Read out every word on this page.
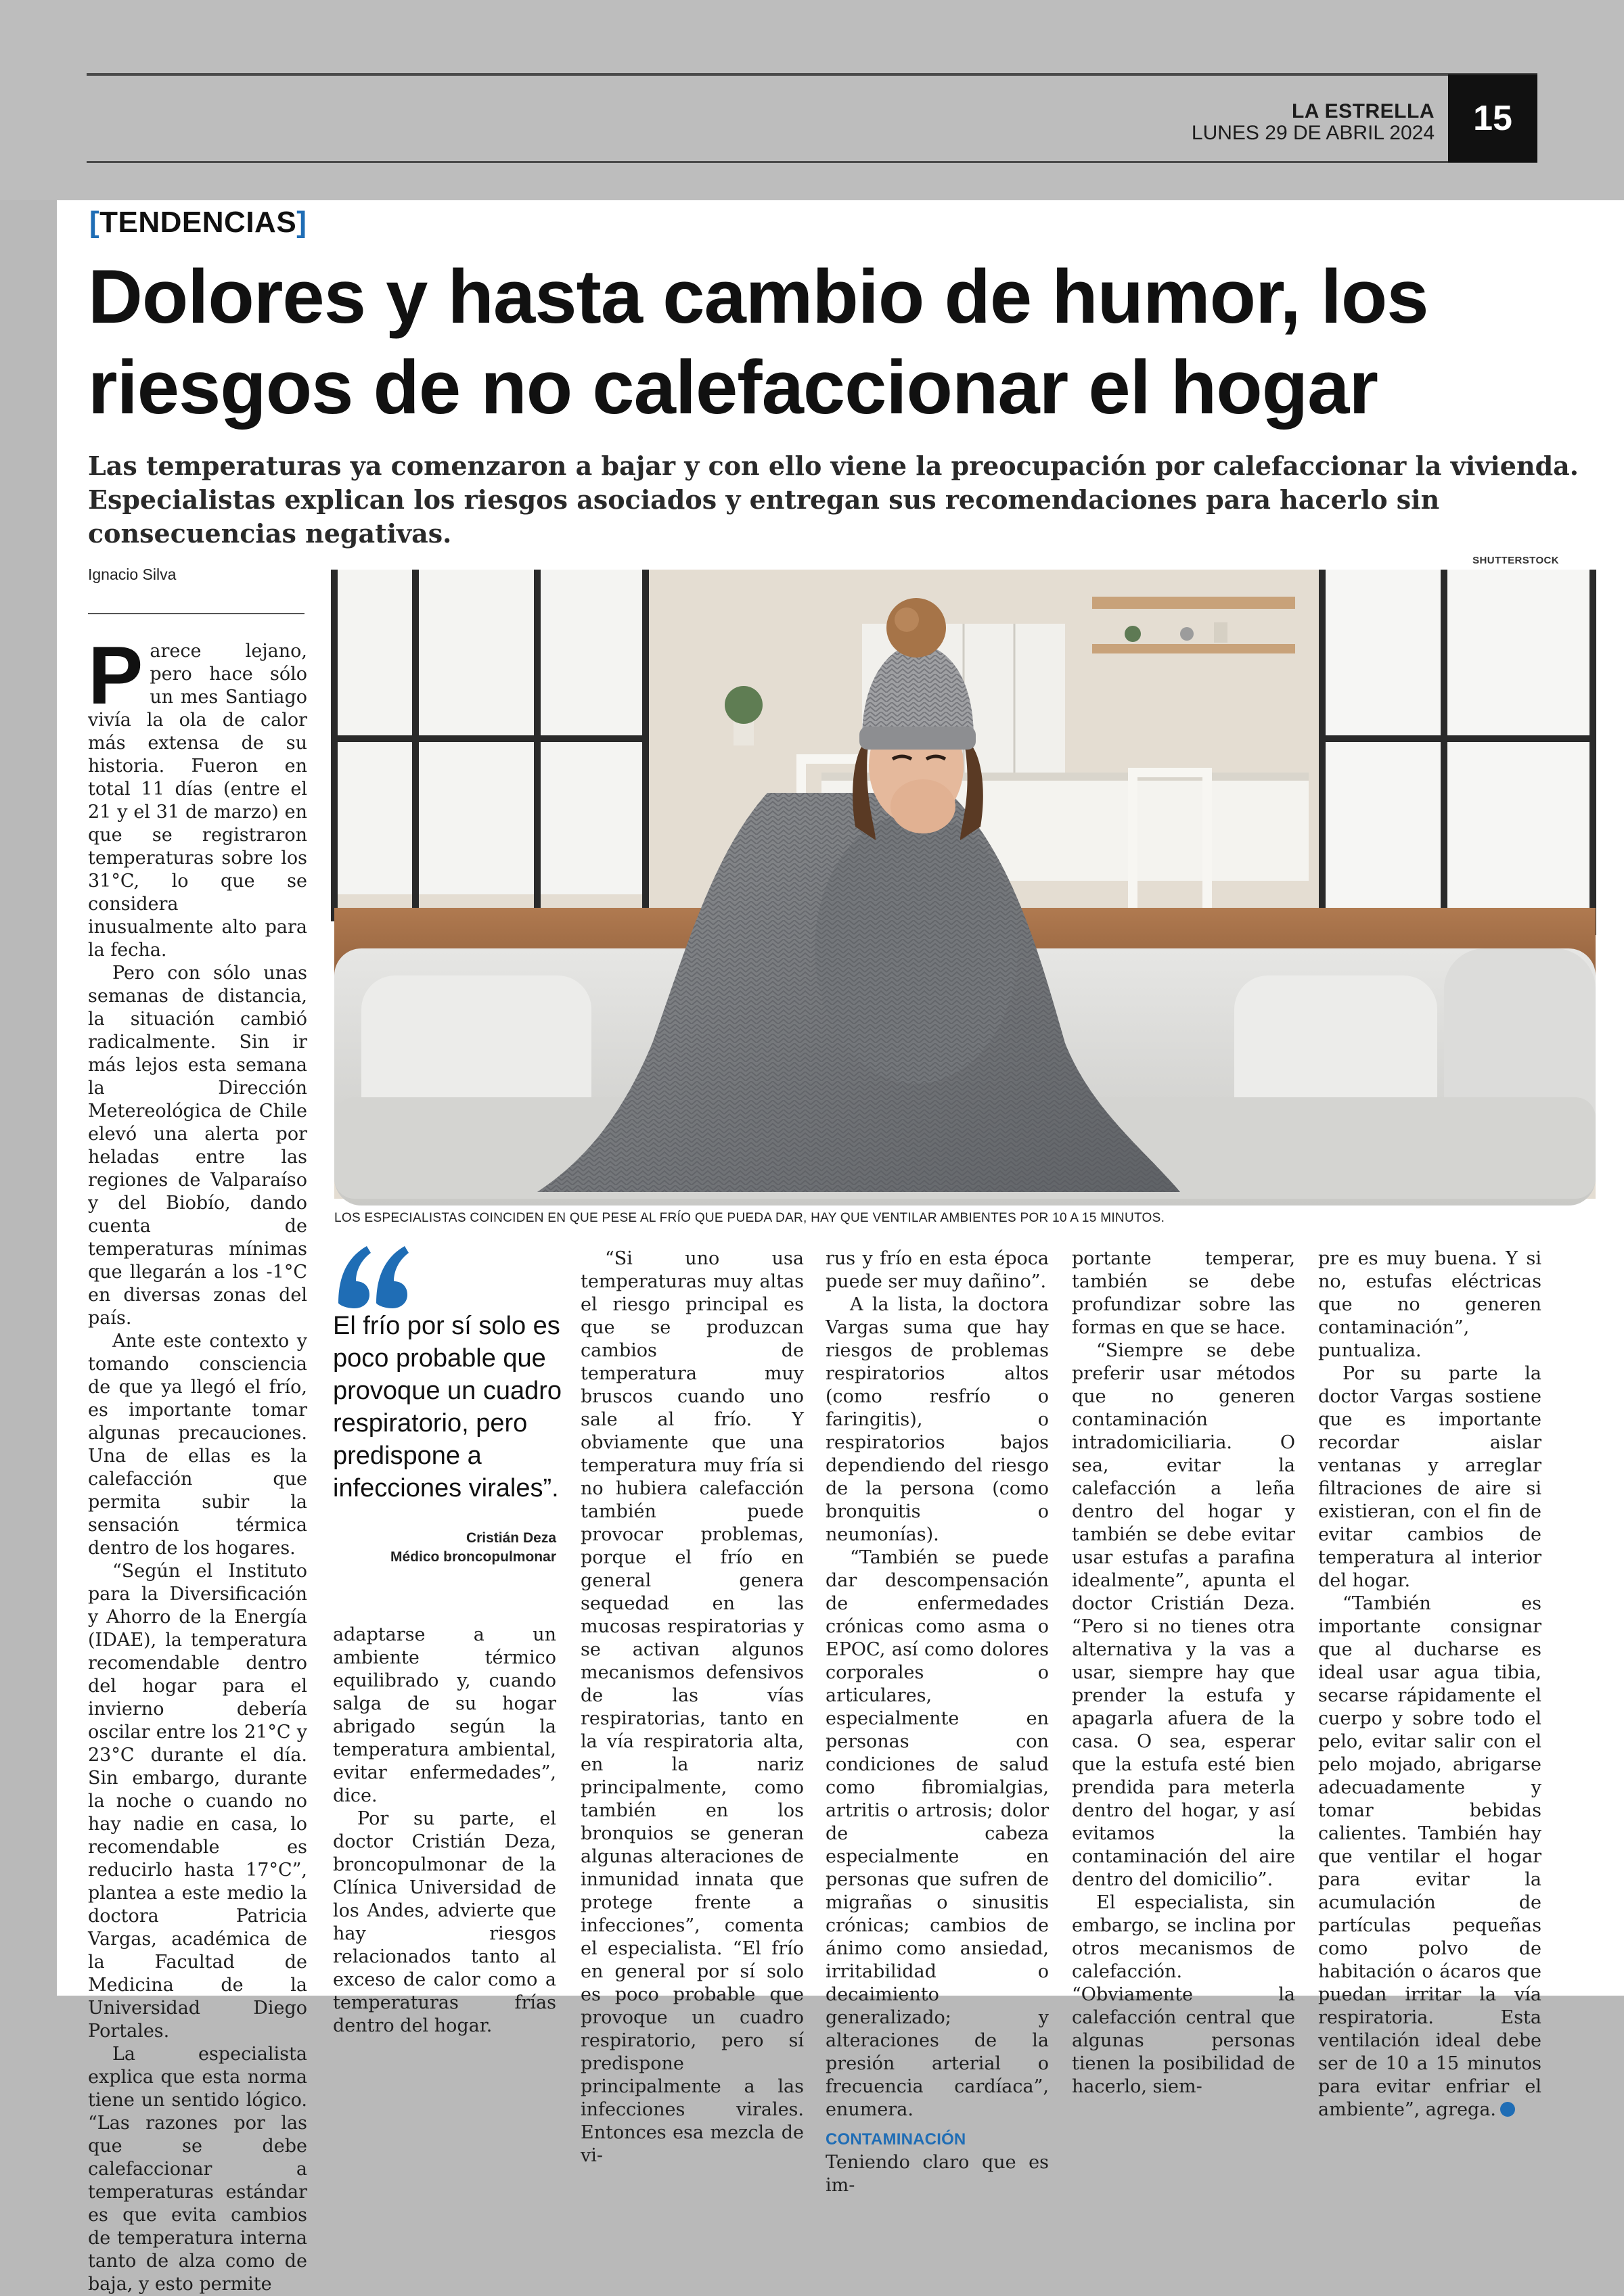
LA ESTRELLA
LUNES 29 DE ABRIL 2024	15
[TENDENCIAS]
Dolores y hasta cambio de humor, los riesgos de no calefaccionar el hogar
Las temperaturas ya comenzaron a bajar y con ello viene la preocupación por calefaccionar la vivienda. Especialistas explican los riesgos asociados y entregan sus recomendaciones para hacerlo sin consecuencias negativas.
Ignacio Silva
SHUTTERSTOCK
LOS ESPECIALISTAS COINCIDEN EN QUE PESE AL FRÍO QUE PUEDA DAR, HAY QUE VENTILAR AMBIENTES POR 10 A 15 MINUTOS.

Parece lejano, pero hace sólo un mes Santiago vivía la ola de calor más extensa de su historia. Fueron en total 11 días (entre el 21 y el 31 de marzo) en que se registraron temperaturas sobre los 31°C, lo que se considera inusualmente alto para la fecha.

Pero con sólo unas semanas de distancia, la situación cambió radicalmente. Sin ir más lejos esta semana la Dirección Metereológica de Chile elevó una alerta por heladas entre las regiones de Valparaíso y del Biobío, dando cuenta de temperaturas mínimas que llegarán a los -1°C en diversas zonas del país.

Ante este contexto y tomando consciencia de que ya llegó el frío, es importante tomar algunas precauciones. Una de ellas es la calefacción que permita subir la sensación térmica dentro de los hogares.

“Según el Instituto para la Diversificación y Ahorro de la Energía (IDAE), la temperatura recomendable dentro del hogar para el invierno debería oscilar entre los 21°C y 23°C durante el día. Sin embargo, durante la noche o cuando no hay nadie en casa, lo recomendable es reducirlo hasta 17°C”, plantea a este medio la doctora Patricia Vargas, académica de la Facultad de Medicina de la Universidad Diego Portales.

La especialista explica que esta norma tiene un sentido lógico. “Las razones por las que se debe calefaccionar a temperaturas estándar es que evita cambios de temperatura interna tanto de alza como de baja, y esto permite

El frío por sí solo es poco probable que provoque un cuadro respiratorio, pero predispone a infecciones virales”.
Cristián Deza
Médico broncopulmonar

adaptarse a un ambiente térmico equilibrado y, cuando salga de su hogar abrigado según la temperatura ambiental, evitar enfermedades”, dice.

Por su parte, el doctor Cristián Deza, broncopulmonar de la Clínica Universidad de los Andes, advierte que hay riesgos relacionados tanto al exceso de calor como a temperaturas frías dentro del hogar.

“Si uno usa temperaturas muy altas el riesgo principal es que se produzcan cambios de temperatura muy bruscos cuando uno sale al frío. Y obviamente que una temperatura muy fría si no hubiera calefacción también puede provocar problemas, porque el frío en general genera sequedad en las mucosas respiratorias y se activan algunos mecanismos defensivos de las vías respiratorias, tanto en la vía respiratoria alta, en la nariz principalmente, como también en los bronquios se generan algunas alteraciones de inmunidad innata que protege frente a infecciones”, comenta el especialista. “El frío en general por sí solo es poco probable que provoque un cuadro respiratorio, pero sí predispone principalmente a las infecciones virales. Entonces esa mezcla de vi-

rus y frío en esta época puede ser muy dañino”.

A la lista, la doctora Vargas suma que hay riesgos de problemas respiratorios altos (como resfrío o faringitis), o respiratorios bajos dependiendo del riesgo de la persona (como bronquitis o neumonías).

“También se puede dar descompensación de enfermedades crónicas como asma o EPOC, así como dolores corporales o articulares, especialmente en personas con condiciones de salud como fibromialgias, artritis o artrosis; dolor de cabeza especialmente en personas que sufren de migrañas o sinusitis crónicas; cambios de ánimo como ansiedad, irritabilidad o decaimiento generalizado; y alteraciones de la presión arterial o frecuencia cardíaca”, enumera.

CONTAMINACIÓN

Teniendo claro que es im-

portante temperar, también se debe profundizar sobre las formas en que se hace.

“Siempre se debe preferir usar métodos que no generen contaminación intradomiciliaria. O sea, evitar la calefacción a leña dentro del hogar y también se debe evitar usar estufas a parafina idealmente”, apunta el doctor Cristián Deza. “Pero si no tienes otra alternativa y la vas a usar, siempre hay que prender la estufa y apagarla afuera de la casa. O sea, esperar que la estufa esté bien prendida para meterla dentro del hogar, y así evitamos la contaminación del aire dentro del domicilio”.

El especialista, sin embargo, se inclina por otros mecanismos de calefacción. “Obviamente la calefacción central que algunas personas tienen la posibilidad de hacerlo, siem-

pre es muy buena. Y si no, estufas eléctricas que no generen contaminación”, puntualiza.

Por su parte la doctor Vargas sostiene que es importante recordar aislar ventanas y arreglar filtraciones de aire si existieran, con el fin de evitar cambios de temperatura al interior del hogar.

“También es importante consignar que al ducharse es ideal usar agua tibia, secarse rápidamente el cuerpo y sobre todo el pelo, evitar salir con el pelo mojado, abrigarse adecuadamente y tomar bebidas calientes. También hay que ventilar el hogar para evitar la acumulación de partículas pequeñas como polvo de habitación o ácaros que puedan irritar la vía respiratoria. Esta ventilación ideal debe ser de 10 a 15 minutos para evitar enfriar el ambiente”, agrega.
